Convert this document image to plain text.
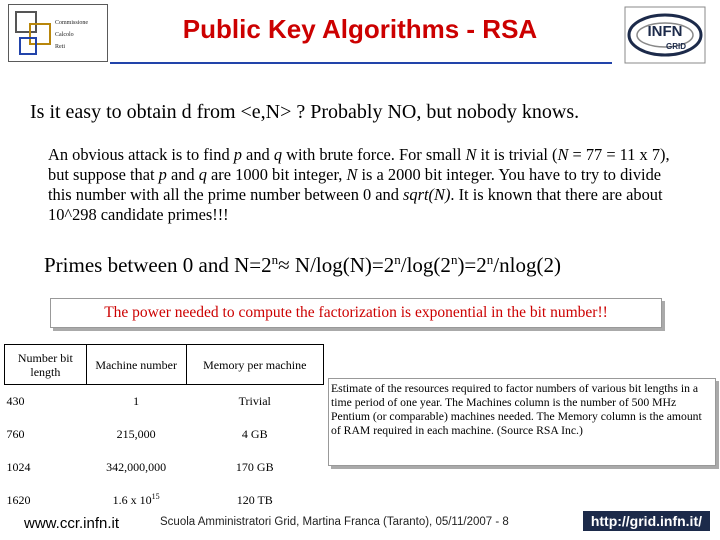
Commissione
Calcolo
Reti
Public Key Algorithms - RSA	INFN
GRID
Is it easy to obtain d from <e,N> ? Probably NO, but nobody knows.
An obvious attack is to find p and q with brute force. For small N it is trivial (N = 77 = 11 x 7), but suppose that p and q are 1000 bit integer, N is a 2000 bit integer. You have to try to divide this number with all the prime number between 0 and sqrt(N). It is known that there are about 10^298 candidate primes!!!
Primes between 0 and $N=2^n\approx N/\log(N)=2^n/\log(2^n)=2^n/nlog(2)$
The power needed to compute the factorization is exponential in the bit number!!
Number bit length	Machine number	Memory per machine
430	1	Trivial
760	215,000	4 GB
1024	342,000,000	170 GB
1620	1.6 x $10^{15}$	120 TB
Estimate of the resources required to factor numbers of various bit lengths in a time period of one year. The Machines column is the number of 500 MHz Pentium (or comparable) machines needed. The Memory column is the amount of RAM required in each machine. (Source RSA Inc.)
www.ccr.infn.it	Scuola Amministratori Grid, Martina Franca (Taranto), 05/11/2007 - 8	http://grid.infn.it/
